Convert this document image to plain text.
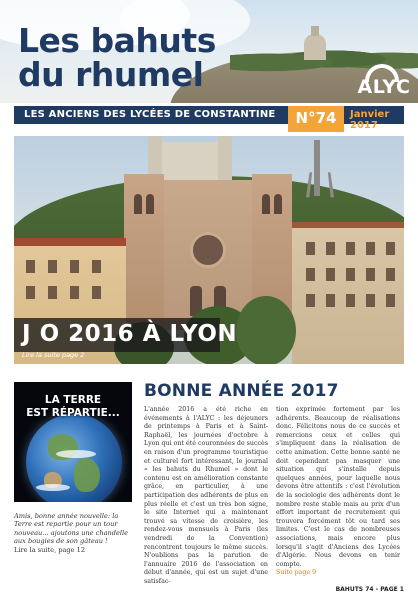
Les bahuts
du rhumel	ALYC
LES ANCIENS DES LYCÉES DE CONSTANTINE	N°74	Janvier 2017
J O 2016 À LYON
Lire la suite page 2
LA TERRE
EST RÉPARTIE...
Amis, bonne année nouvelle: la Terre est repartie pour un tour nouveau... ajoutons une chandelle aux bougies de son gâteau !
Lire la suite, page 12
BONNE ANNÉE 2017

L'année 2016 a été riche en événements à l'ALYC : les déjeuners de printemps à Paris et à Saint-Raphaël, les journées d'octobre à Lyon qui ont été couronnées de succès en raison d'un programme touristique et culturel fort intéressant, le journal « les bahuts du Rhumel » dont le contenu est en amélioration constante grâce, en particulier, à une participation des adhérents de plus en plus réelle et c'est un très bon signe, le site Internet qui a maintenant trouvé sa vitesse de croisière, les rendez-vous mensuels à Paris (les vendredi de la Convention) rencontrent toujours le même succès. N'oublions pas la parution de l'annuaire 2016 de l'association en début d'année, qui est un sujet d'une satisfac-

tion exprimée fortement par les adhérents. Beaucoup de réalisations donc. Félicitons nous de ce succès et remercions ceux et celles qui s'impliquent dans la réalisation de cette animation. Cette bonne santé ne doit cependant pas masquer une situation qui s'installe depuis quelques années, pour laquelle nous devons être attentifs : c'est l'évolution de la sociologie des adhérents dont le nombre reste stable mais au prix d'un effort important de recrutement qui trouvera forcément tôt ou tard ses limites. C'est le cas de nombreuses associations, mais encore plus lorsqu'il s'agit d'Anciens des Lycées d'Algérie. Nous devons en tenir compte.

Suite page 9

BAHUTS 74 - PAGE 1
